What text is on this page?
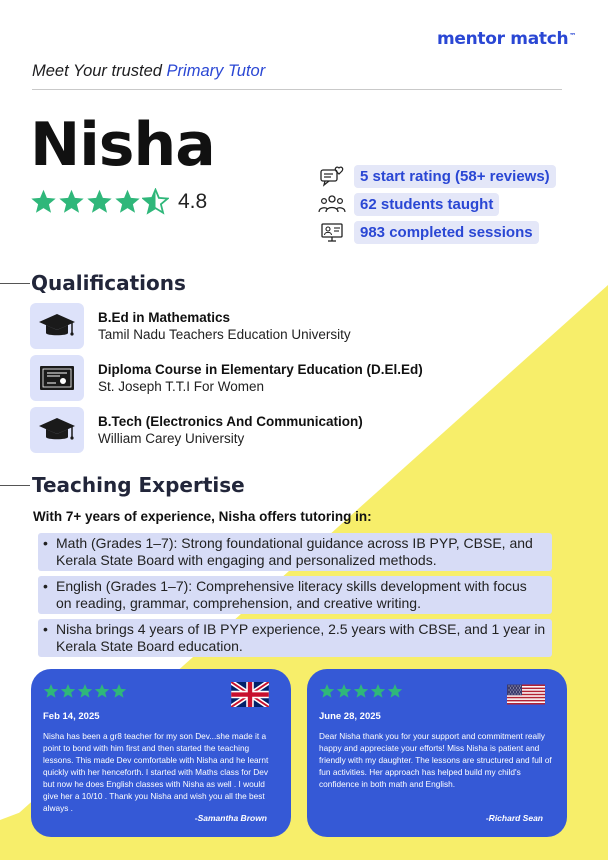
mentor match™
Meet Your trusted Primary Tutor
Nisha
4.8
5 start rating (58+ reviews)
62 students taught
983 completed sessions
Qualifications
B.Ed in Mathematics
Tamil Nadu Teachers Education University
Diploma Course in Elementary Education (D.El.Ed)
St. Joseph T.T.I For Women
B.Tech (Electronics And Communication)
William Carey University
Teaching Expertise
With 7+ years of experience, Nisha offers tutoring in:
• Math (Grades 1–7): Strong foundational guidance across IB PYP, CBSE, and Kerala State Board with engaging and personalized methods.
• English (Grades 1–7): Comprehensive literacy skills development with focus on reading, grammar, comprehension, and creative writing.
• Nisha brings 4 years of IB PYP experience, 2.5 years with CBSE, and 1 year in Kerala State Board education.
Feb 14, 2025
Nisha has been a gr8 teacher for my son Dev...she made it a point to bond with him first and then started the teaching lessons. This made Dev comfortable with Nisha and he learnt quickly with her henceforth. I started with Maths class for Dev but now he does English classes with Nisha as well . I would give her a 10/10 . Thank you Nisha and wish you all the best always .
-Samantha Brown
June 28, 2025
Dear Nisha thank you for your support and commitment really happy and appreciate your efforts! Miss Nisha is patient and friendly with my daughter. The lessons are structured and full of fun activities. Her approach has helped build my child's confidence in both math and English.
-Richard Sean
